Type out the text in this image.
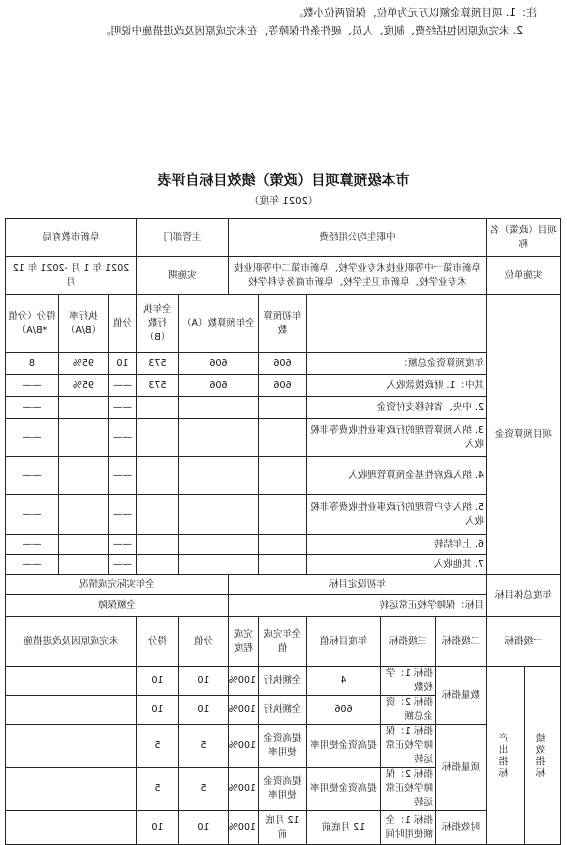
注：1. 项目预算金额以万元为单位，保留两位小数。
2. 未完成原因包括经费、制度、人员、硬件条件保障等，在未完成原因及改进措施中说明。
市本级预算项目（政策）绩效目标自评表
（2021 年度）
项目（政策）名称		中职生均公用经费					主管部门		阜新市教育局		
实施单位		阜新市第一中等职业技术专业学校、阜新市第二中等职业技术专业学校、阜新市卫生学校、阜新市商务专科学校					实施期		2021 年 1 月 -2021 年 12 月		
项目预算资金					年初预算数	全年预算数（A）		全年执行数（B）	分值	执行率（B/A）	得分（分值*B/A）
		年度预算资金总额：			606	606		573	10	95%	8
		其中：1. 财政拨款收入			606	606		573	——	95%	——
		2. 中央、省转移支付资金							——		——
		3. 纳入预算管理的行政事业性收费等非税收入							——		——
		4. 纳入政府性基金预算管理收入							——		——
		5. 纳入专户管理的行政事业性收费等非税收入							——		——
		6. 上年结转							——		——
		7. 其他收入							——		——
年度总体目标		年初设定目标					全年实际完成情况				
		目标：保障学校正常运转					全额保障				
一级指标		二级指标	三级指标	年度目标值	全年完成值	完成程度	分值	得分	未完成原因及改进措施		
绩效指标	产出指标	数量指标	指标 1：学校数	4	全额执行	100%	10	10			
			指标 2：资金总额	606	全额执行	100%	10	10			
		质量指标	指标 1：保障学校正常运转	提高资金使用率	提高资金使用率	100%	5	5			
			指标 2：保障学校正常运转	提高资金使用率	提高资金使用率	100%	5	5			
		时效指标	指标 1：全额使用时间	12 月底前	12 月底前	100%	10	10			
